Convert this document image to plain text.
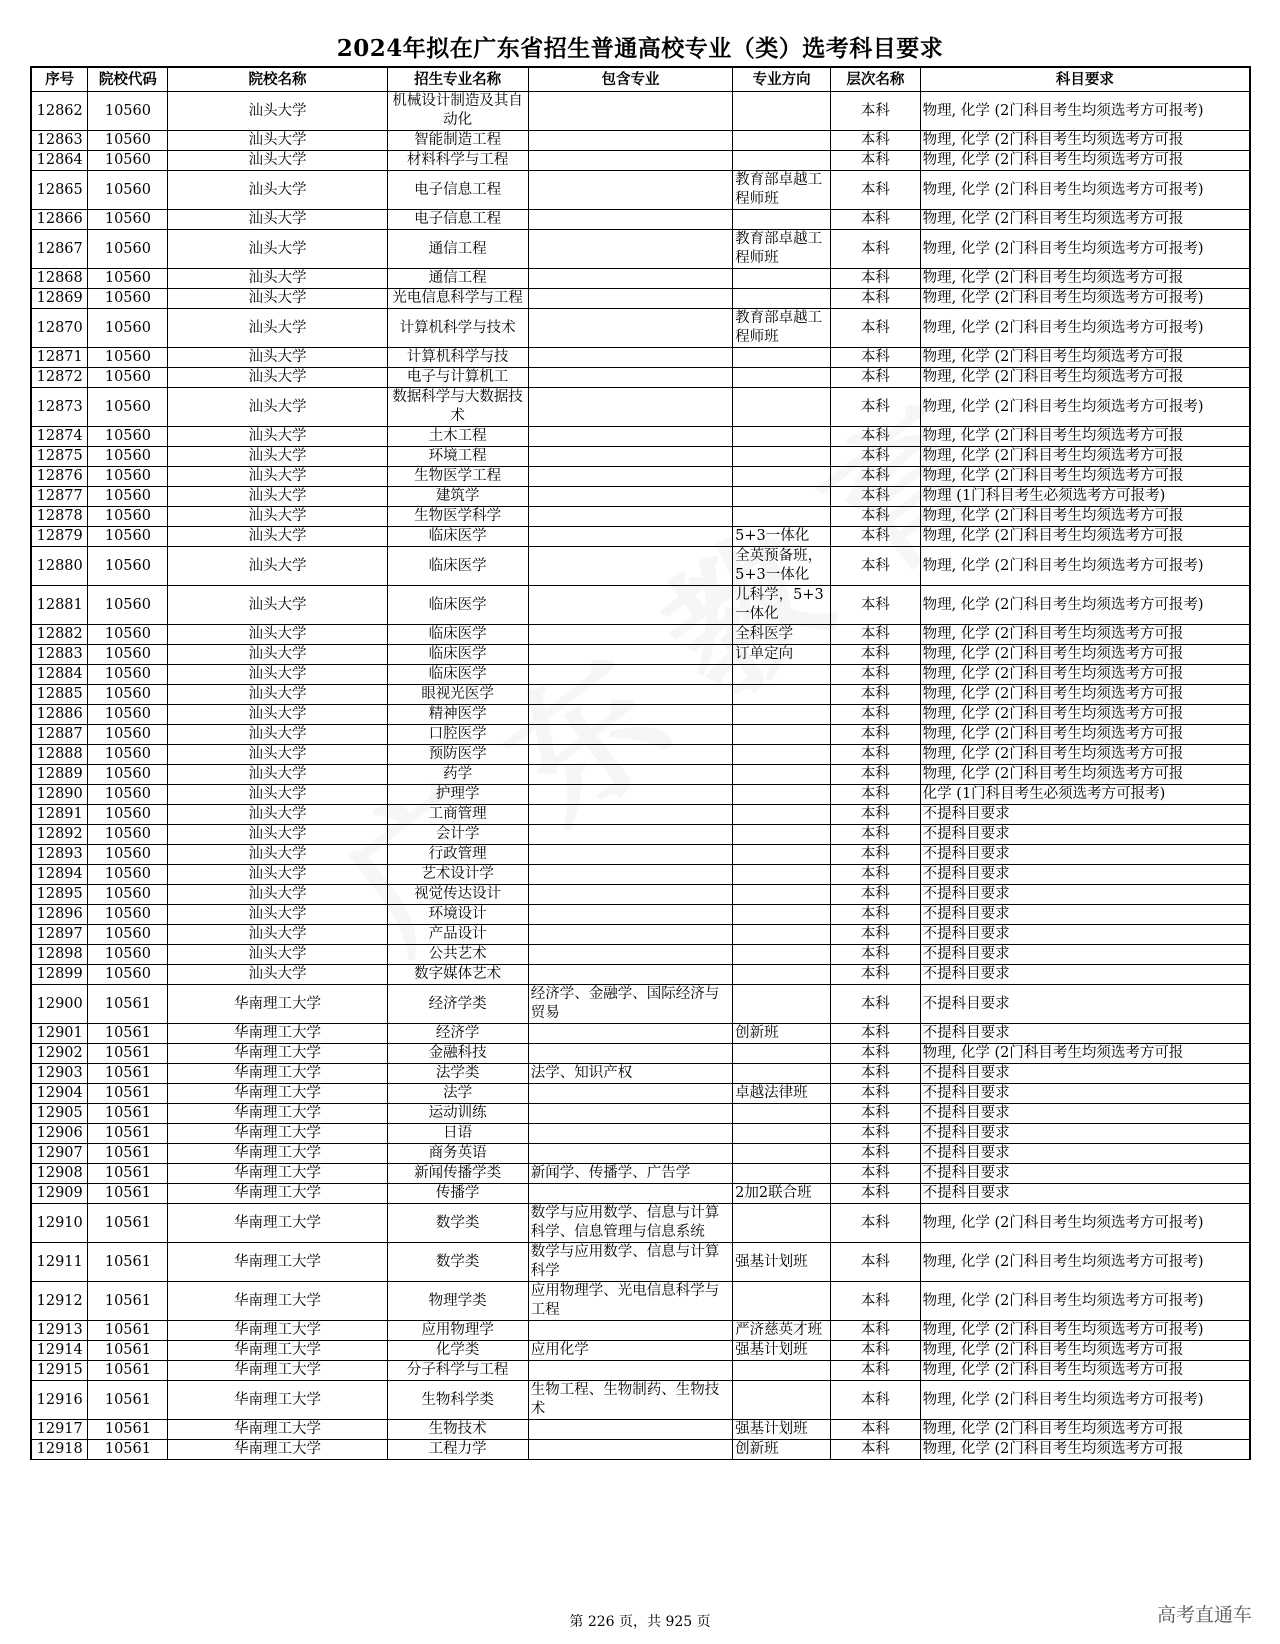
2024年拟在广东省招生普通高校专业（类）选考科目要求
序号	院校代码	院校名称	招生专业名称	包含专业	专业方向	层次名称	科目要求
12862	10560	汕头大学	机械设计制造及其自动化			本科	物理, 化学 (2门科目考生均须选考方可报考)
12863	10560	汕头大学	智能制造工程			本科	物理, 化学 (2门科目考生均须选考方可报
12864	10560	汕头大学	材料科学与工程			本科	物理, 化学 (2门科目考生均须选考方可报
12865	10560	汕头大学	电子信息工程		教育部卓越工程师班	本科	物理, 化学 (2门科目考生均须选考方可报考)
12866	10560	汕头大学	电子信息工程			本科	物理, 化学 (2门科目考生均须选考方可报
12867	10560	汕头大学	通信工程		教育部卓越工程师班	本科	物理, 化学 (2门科目考生均须选考方可报考)
12868	10560	汕头大学	通信工程			本科	物理, 化学 (2门科目考生均须选考方可报
12869	10560	汕头大学	光电信息科学与工程			本科	物理, 化学 (2门科目考生均须选考方可报考)
12870	10560	汕头大学	计算机科学与技术		教育部卓越工程师班	本科	物理, 化学 (2门科目考生均须选考方可报考)
12871	10560	汕头大学	计算机科学与技			本科	物理, 化学 (2门科目考生均须选考方可报
12872	10560	汕头大学	电子与计算机工			本科	物理, 化学 (2门科目考生均须选考方可报
12873	10560	汕头大学	数据科学与大数据技术			本科	物理, 化学 (2门科目考生均须选考方可报考)
12874	10560	汕头大学	土木工程			本科	物理, 化学 (2门科目考生均须选考方可报
12875	10560	汕头大学	环境工程			本科	物理, 化学 (2门科目考生均须选考方可报
12876	10560	汕头大学	生物医学工程			本科	物理, 化学 (2门科目考生均须选考方可报
12877	10560	汕头大学	建筑学			本科	物理 (1门科目考生必须选考方可报考)
12878	10560	汕头大学	生物医学科学			本科	物理, 化学 (2门科目考生均须选考方可报
12879	10560	汕头大学	临床医学		5+3一体化	本科	物理, 化学 (2门科目考生均须选考方可报
12880	10560	汕头大学	临床医学		全英预备班，5+3一体化	本科	物理, 化学 (2门科目考生均须选考方可报考)
12881	10560	汕头大学	临床医学		儿科学，5+3一体化	本科	物理, 化学 (2门科目考生均须选考方可报考)
12882	10560	汕头大学	临床医学		全科医学	本科	物理, 化学 (2门科目考生均须选考方可报
12883	10560	汕头大学	临床医学		订单定向	本科	物理, 化学 (2门科目考生均须选考方可报
12884	10560	汕头大学	临床医学			本科	物理, 化学 (2门科目考生均须选考方可报
12885	10560	汕头大学	眼视光医学			本科	物理, 化学 (2门科目考生均须选考方可报
12886	10560	汕头大学	精神医学			本科	物理, 化学 (2门科目考生均须选考方可报
12887	10560	汕头大学	口腔医学			本科	物理, 化学 (2门科目考生均须选考方可报
12888	10560	汕头大学	预防医学			本科	物理, 化学 (2门科目考生均须选考方可报
12889	10560	汕头大学	药学			本科	物理, 化学 (2门科目考生均须选考方可报
12890	10560	汕头大学	护理学			本科	化学 (1门科目考生必须选考方可报考)
12891	10560	汕头大学	工商管理			本科	不提科目要求
12892	10560	汕头大学	会计学			本科	不提科目要求
12893	10560	汕头大学	行政管理			本科	不提科目要求
12894	10560	汕头大学	艺术设计学			本科	不提科目要求
12895	10560	汕头大学	视觉传达设计			本科	不提科目要求
12896	10560	汕头大学	环境设计			本科	不提科目要求
12897	10560	汕头大学	产品设计			本科	不提科目要求
12898	10560	汕头大学	公共艺术			本科	不提科目要求
12899	10560	汕头大学	数字媒体艺术			本科	不提科目要求
12900	10561	华南理工大学	经济学类	经济学、金融学、国际经济与贸易		本科	不提科目要求
12901	10561	华南理工大学	经济学		创新班	本科	不提科目要求
12902	10561	华南理工大学	金融科技			本科	物理, 化学 (2门科目考生均须选考方可报
12903	10561	华南理工大学	法学类	法学、知识产权		本科	不提科目要求
12904	10561	华南理工大学	法学		卓越法律班	本科	不提科目要求
12905	10561	华南理工大学	运动训练			本科	不提科目要求
12906	10561	华南理工大学	日语			本科	不提科目要求
12907	10561	华南理工大学	商务英语			本科	不提科目要求
12908	10561	华南理工大学	新闻传播学类	新闻学、传播学、广告学		本科	不提科目要求
12909	10561	华南理工大学	传播学		2加2联合班	本科	不提科目要求
12910	10561	华南理工大学	数学类	数学与应用数学、信息与计算科学、信息管理与信息系统		本科	物理, 化学 (2门科目考生均须选考方可报考)
12911	10561	华南理工大学	数学类	数学与应用数学、信息与计算科学	强基计划班	本科	物理, 化学 (2门科目考生均须选考方可报考)
12912	10561	华南理工大学	物理学类	应用物理学、光电信息科学与工程		本科	物理, 化学 (2门科目考生均须选考方可报考)
12913	10561	华南理工大学	应用物理学		严济慈英才班	本科	物理, 化学 (2门科目考生均须选考方可报考)
12914	10561	华南理工大学	化学类	应用化学	强基计划班	本科	物理, 化学 (2门科目考生均须选考方可报
12915	10561	华南理工大学	分子科学与工程			本科	物理, 化学 (2门科目考生均须选考方可报
12916	10561	华南理工大学	生物科学类	生物工程、生物制药、生物技术		本科	物理, 化学 (2门科目考生均须选考方可报考)
12917	10561	华南理工大学	生物技术		强基计划班	本科	物理, 化学 (2门科目考生均须选考方可报
12918	10561	华南理工大学	工程力学		创新班	本科	物理, 化学 (2门科目考生均须选考方可报
第 226 页，共 925 页	高考直通车
